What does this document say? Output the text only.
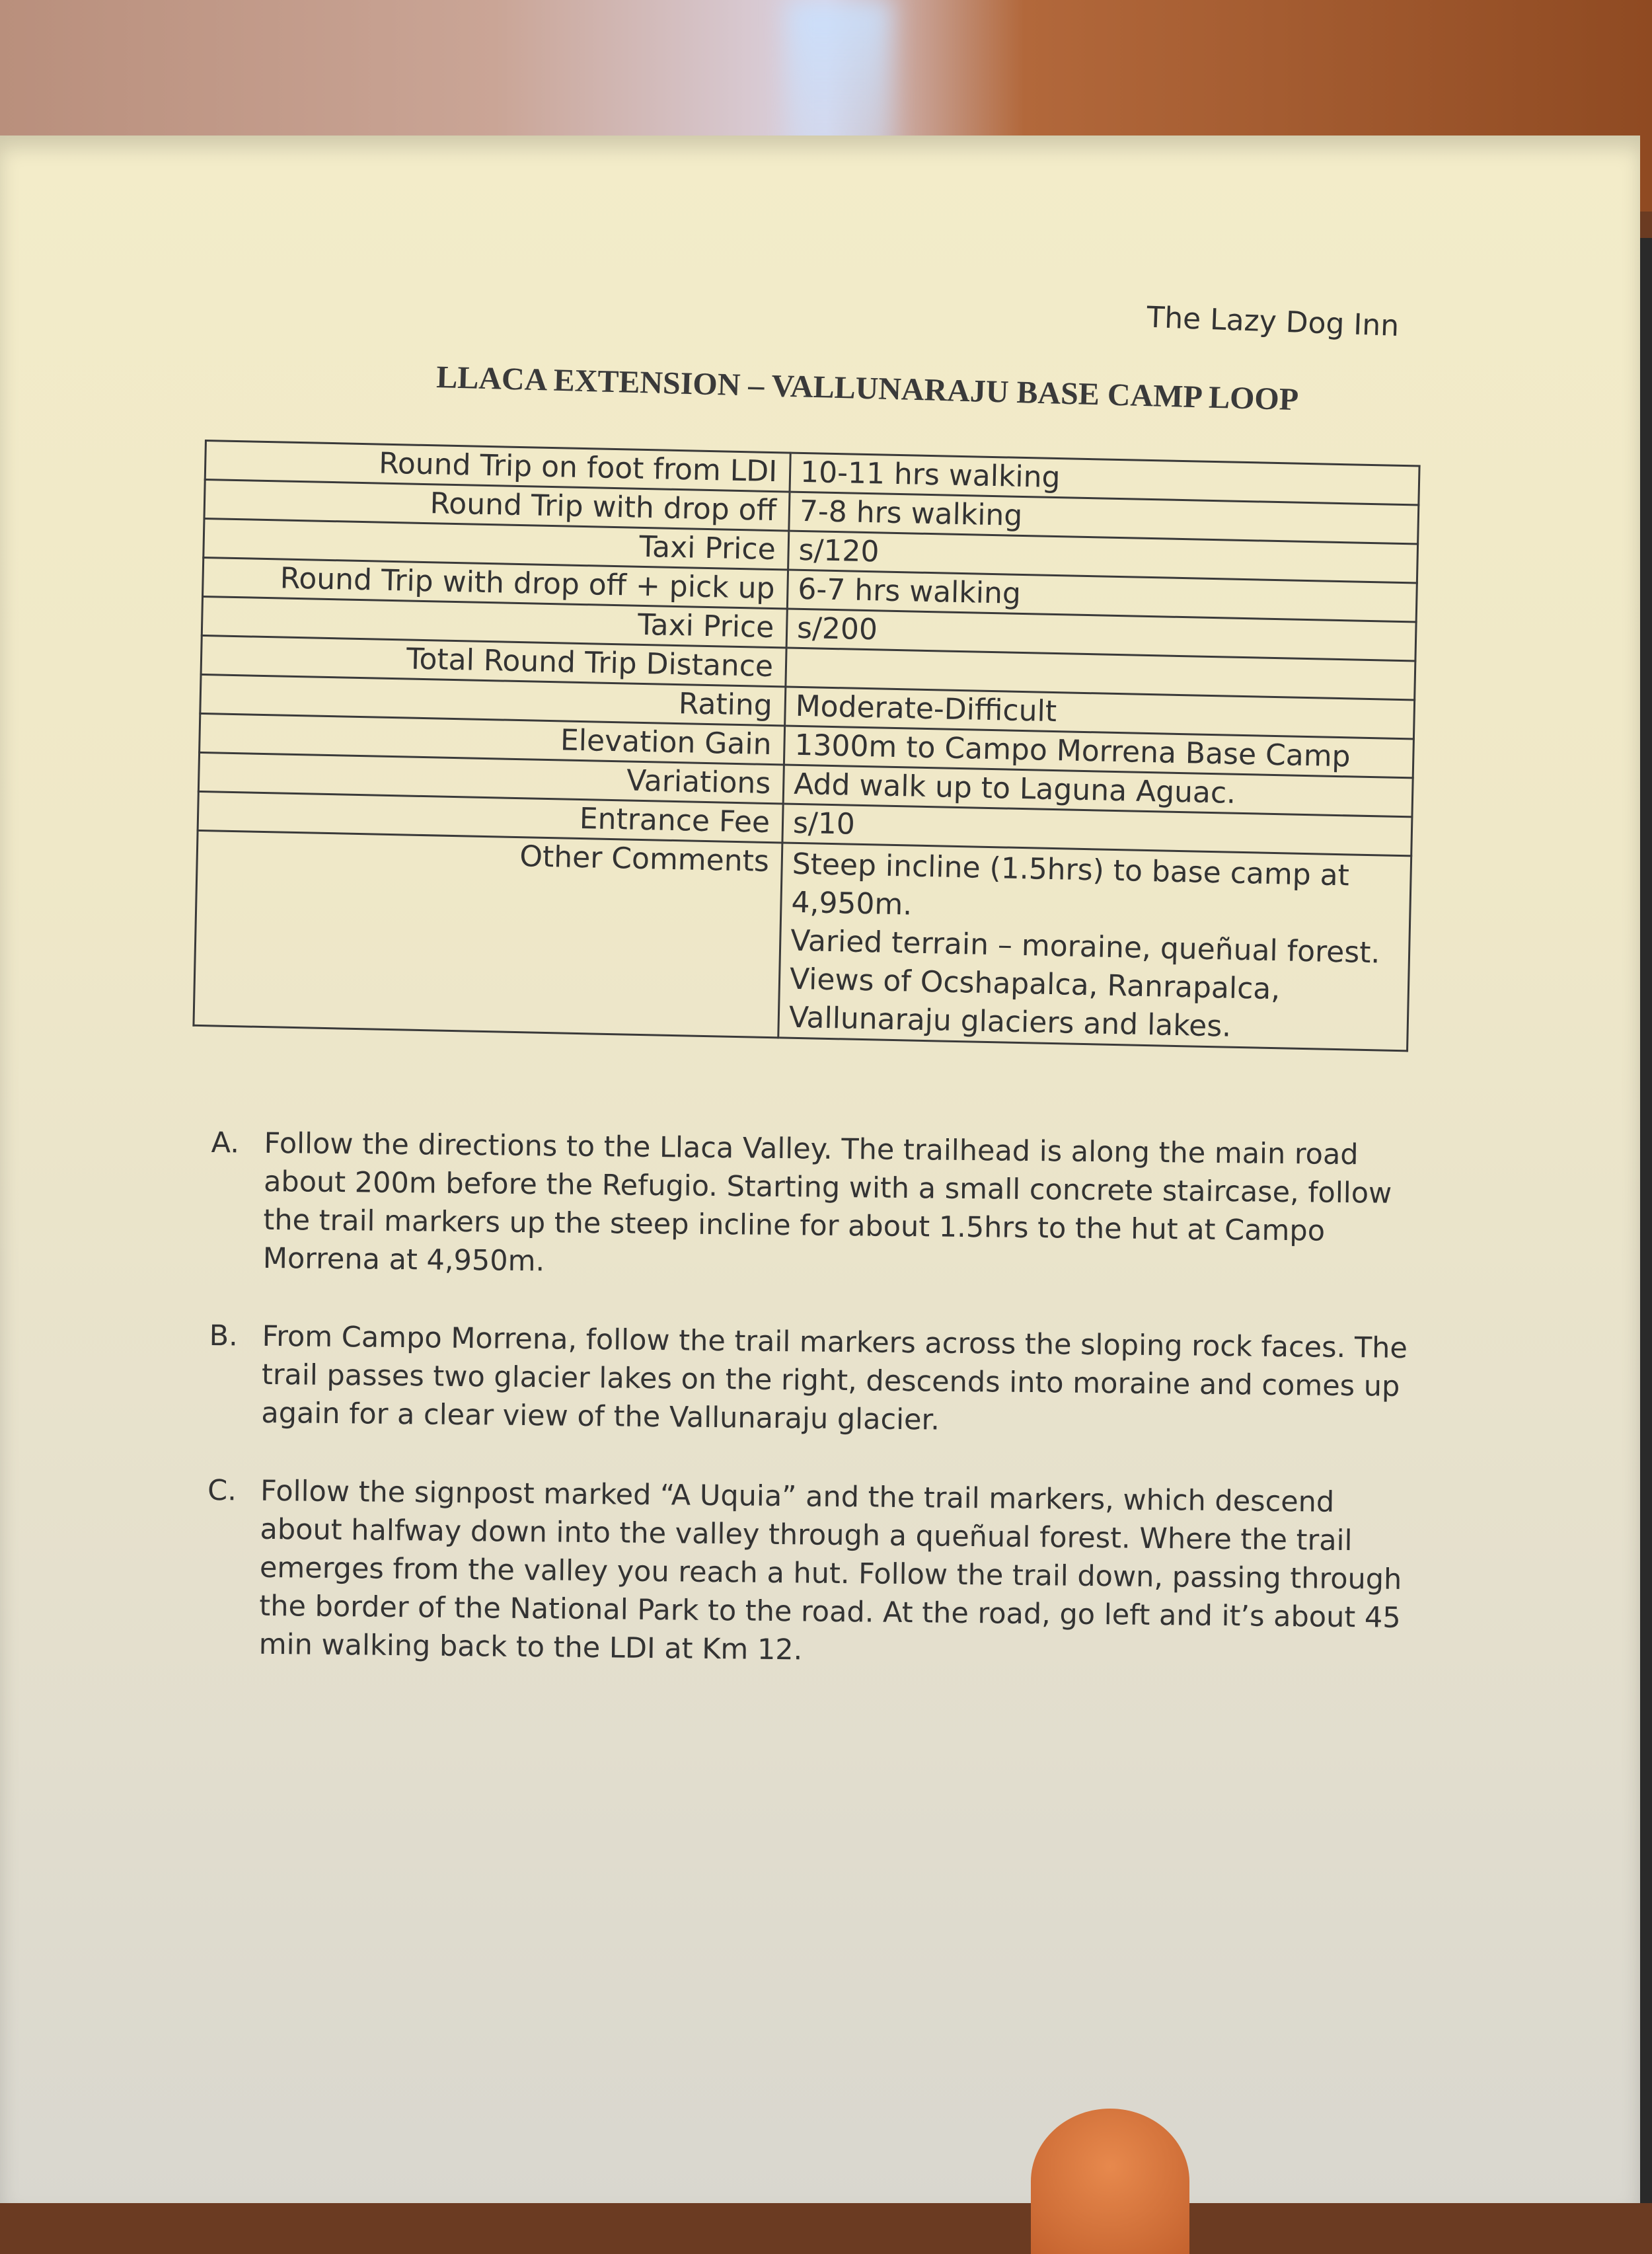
The Lazy Dog Inn
LLACA EXTENSION – VALLUNARAJU BASE CAMP LOOP
Round Trip on foot from LDI	10-11 hrs walking
Round Trip with drop off	7-8 hrs walking
Taxi Price	s/120
Round Trip with drop off + pick up	6-7 hrs walking
Taxi Price	s/200
Total Round Trip Distance	
Rating	Moderate-Difficult
Elevation Gain	1300m to Campo Morrena Base Camp
Variations	Add walk up to Laguna Aguac.
Entrance Fee	s/10
Other Comments	Steep incline (1.5hrs) to base camp at 4,950m.
Varied terrain – moraine, queñual forest.
Views of Ocshapalca, Ranrapalca, Vallunaraju glaciers and lakes.
A. Follow the directions to the Llaca Valley. The trailhead is along the main road about 200m before the Refugio. Starting with a small concrete staircase, follow the trail markers up the steep incline for about 1.5hrs to the hut at Campo Morrena at 4,950m.
B. From Campo Morrena, follow the trail markers across the sloping rock faces. The trail passes two glacier lakes on the right, descends into moraine and comes up again for a clear view of the Vallunaraju glacier.
C. Follow the signpost marked “A Uquia” and the trail markers, which descend about halfway down into the valley through a queñual forest. Where the trail emerges from the valley you reach a hut. Follow the trail down, passing through the border of the National Park to the road. At the road, go left and it’s about 45 min walking back to the LDI at Km 12.
